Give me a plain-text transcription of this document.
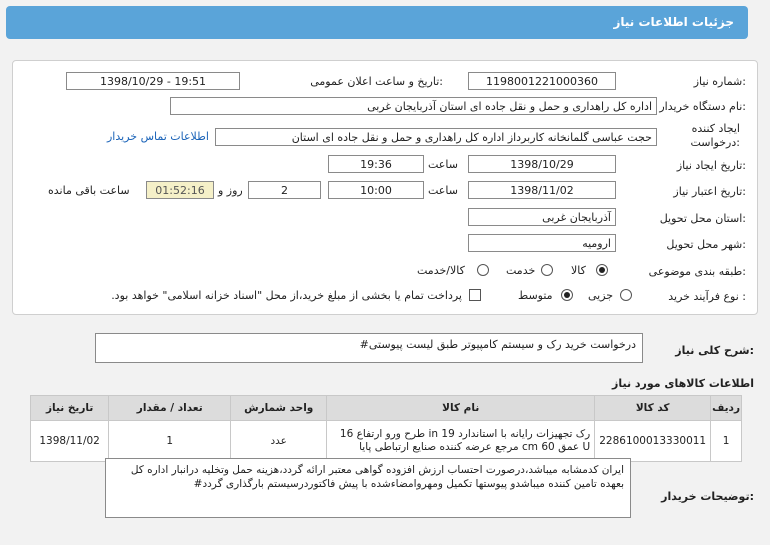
جزئیات اطلاعات نیاز
شماره نیاز:
1198001221000360
تاریخ و ساعت اعلان عمومی:
1398/10/29 - 19:51
نام دستگاه خریدار:
اداره کل راهداری و حمل و نقل جاده ای استان آذربایجان غربی
ایجاد کننده درخواست:
حجت عباسی گلمانخانه کاربرداز اداره کل راهداری و حمل و نقل جاده ای استان
اطلاعات تماس خریدار
تاریخ ایجاد نیاز:
1398/10/29
ساعت
19:36
تاریخ اعتبار نیاز:
1398/11/02
ساعت
10:00
2
روز و
01:52:16
ساعت باقی مانده
استان محل تحویل:
آذربایجان غربی
شهر محل تحویل:
ارومیه
طبقه بندی موضوعی:
کالا
خدمت
کالا/خدمت
نوع فرآیند خرید :
جزیی
متوسط
پرداخت تمام یا بخشی از مبلغ خرید،از محل "اسناد خزانه اسلامی" خواهد بود.
شرح کلی نیاز:
درخواست خرید رک و سیستم کامپیوتر طبق لیست پیوستی#
اطلاعات کالاهای مورد نیاز
ردیف	کد کالا	نام کالا	واحد شمارش	تعداد / مقدار	تاریخ نیاز
1	2286100013330011	رک تجهیزات رایانه با استاندارد 19 in طرح ورو ارتفاع 16 U عمق 60 cm مرجع عرضه کننده صنایع ارتباطی پایا	عدد	1	1398/11/02
توضیحات خریدار:
ایران کدمشابه میباشد،درصورت احتساب ارزش افزوده گواهی معتبر ارائه گردد،هزینه حمل وتخلیه درانبار اداره کل بعهده تامین کننده میباشدو پیوستها تکمیل ومهروامضاءشده با پیش فاکتوردرسیستم بارگذاری گردد#
